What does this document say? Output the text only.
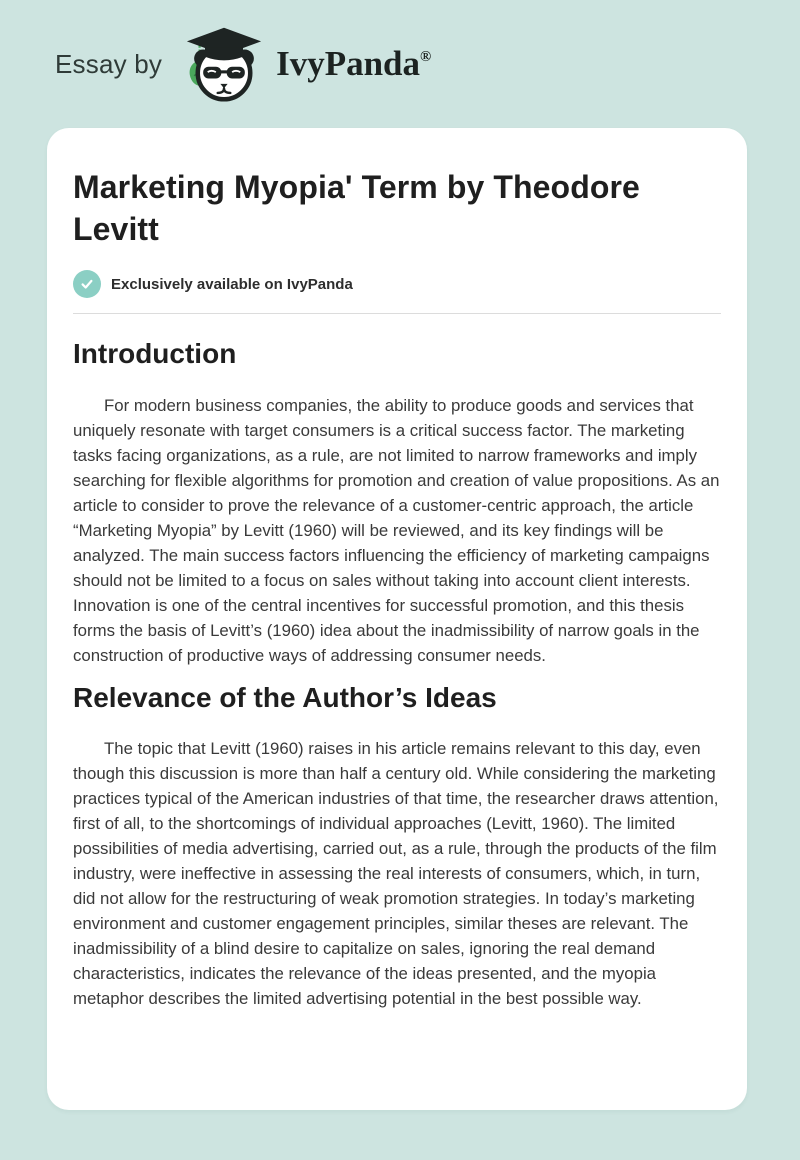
Essay by	IvyPanda®
Marketing Myopia' Term by Theodore Levitt
Exclusively available on IvyPanda
Introduction

For modern business companies, the ability to produce goods and services that uniquely resonate with target consumers is a critical success factor. The marketing tasks facing organizations, as a rule, are not limited to narrow frameworks and imply searching for flexible algorithms for promotion and creation of value propositions. As an article to consider to prove the relevance of a customer-centric approach, the article “Marketing Myopia” by Levitt (1960) will be reviewed, and its key findings will be analyzed. The main success factors influencing the efficiency of marketing campaigns should not be limited to a focus on sales without taking into account client interests. Innovation is one of the central incentives for successful promotion, and this thesis forms the basis of Levitt’s (1960) idea about the inadmissibility of narrow goals in the construction of productive ways of addressing consumer needs.

Relevance of the Author’s Ideas

The topic that Levitt (1960) raises in his article remains relevant to this day, even though this discussion is more than half a century old. While considering the marketing practices typical of the American industries of that time, the researcher draws attention, first of all, to the shortcomings of individual approaches (Levitt, 1960). The limited possibilities of media advertising, carried out, as a rule, through the products of the film industry, were ineffective in assessing the real interests of consumers, which, in turn, did not allow for the restructuring of weak promotion strategies. In today’s marketing environment and customer engagement principles, similar theses are relevant. The inadmissibility of a blind desire to capitalize on sales, ignoring the real demand characteristics, indicates the relevance of the ideas presented, and the myopia metaphor describes the limited advertising potential in the best possible way.
